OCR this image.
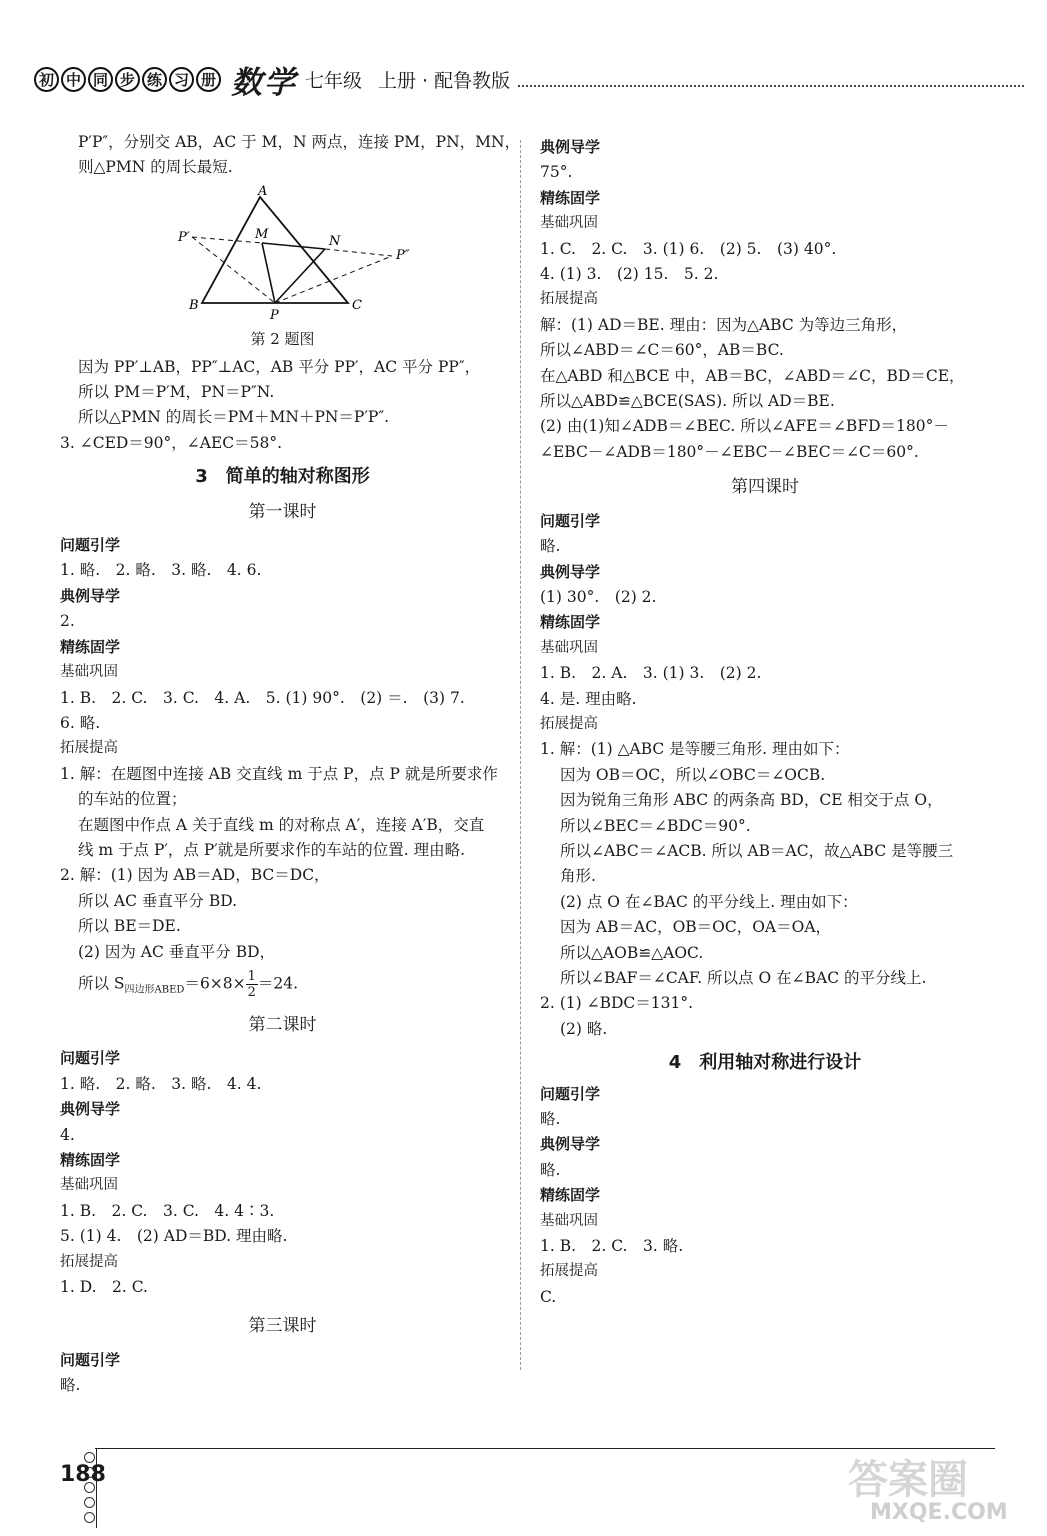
初 中 同 步 练 习 册 数学 七年级 上册 · 配鲁教版
P′P″，分别交 AB，AC 于 M，N 两点，连接 PM，PN，MN，
则△PMN 的周长最短.
A
B	C
M	N
P
P′
P″
第 2 题图
因为 PP′⊥AB，PP″⊥AC，AB 平分 PP′，AC 平分 PP″，
所以 PM＝P′M，PN＝P″N.
所以△PMN 的周长＝PM＋MN＋PN＝P′P″.
3. ∠CED＝90°，∠AEC＝58°.
3　简单的轴对称图形
第一课时
问题引学
1. 略.　2. 略.　3. 略.　4. 6.
典例导学
2.
精练固学
基础巩固
1. B.　2. C.　3. C.　4. A.　5. (1) 90°.　(2) ＝.　(3) 7.
6. 略.
拓展提高
1. 解：在题图中连接 AB 交直线 m 于点 P，点 P 就是所要求作
的车站的位置；
在题图中作点 A 关于直线 m 的对称点 A′，连接 A′B，交直
线 m 于点 P′，点 P′就是所要求作的车站的位置. 理由略.
2. 解：(1) 因为 AB＝AD，BC＝DC，
所以 AC 垂直平分 BD.
所以 BE＝DE.
(2) 因为 AC 垂直平分 BD，
所以 $S_{四边形ABED}=6\times 8\times \frac{1}{2} =24$.
第二课时
问题引学
1. 略.　2. 略.　3. 略.　4. 4.
典例导学
4.
精练固学
基础巩固
1. B.　2. C.　3. C.　4. 4∶3.
5. (1) 4.　(2) AD＝BD. 理由略.
拓展提高
1. D.　2. C.
第三课时
问题引学
略.
典例导学
75°.
精练固学
基础巩固
1. C.　2. C.　3. (1) 6.　(2) 5.　(3) 40°.
4. (1) 3.　(2) 15.　5. 2.
拓展提高
解：(1) AD＝BE. 理由：因为△ABC 为等边三角形，
所以∠ABD＝∠C＝60°，AB＝BC.
在△ABD 和△BCE 中，AB＝BC，∠ABD＝∠C，BD＝CE，
所以△ABD≌△BCE(SAS). 所以 AD＝BE.
(2) 由(1)知∠ADB＝∠BEC. 所以∠AFE＝∠BFD＝180°－
∠EBC－∠ADB＝180°－∠EBC－∠BEC＝∠C＝60°.
第四课时
问题引学
略.
典例导学
(1) 30°.　(2) 2.
精练固学
基础巩固
1. B.　2. A.　3. (1) 3.　(2) 2.
4. 是. 理由略.
拓展提高
1. 解：(1) △ABC 是等腰三角形. 理由如下：
因为 OB＝OC，所以∠OBC＝∠OCB.
因为锐角三角形 ABC 的两条高 BD，CE 相交于点 O，
所以∠BEC＝∠BDC＝90°.
所以∠ABC＝∠ACB. 所以 AB＝AC，故△ABC 是等腰三
角形.
(2) 点 O 在∠BAC 的平分线上. 理由如下：
因为 AB＝AC，OB＝OC，OA＝OA，
所以△AOB≌△AOC.
所以∠BAF＝∠CAF. 所以点 O 在∠BAC 的平分线上.
2. (1) ∠BDC＝131°.
(2) 略.
4　利用轴对称进行设计
问题引学
略.
典例导学
略.
精练固学
基础巩固
1. B.　2. C.　3. 略.
拓展提高
C.
188	答案圈
MXQE.COM
